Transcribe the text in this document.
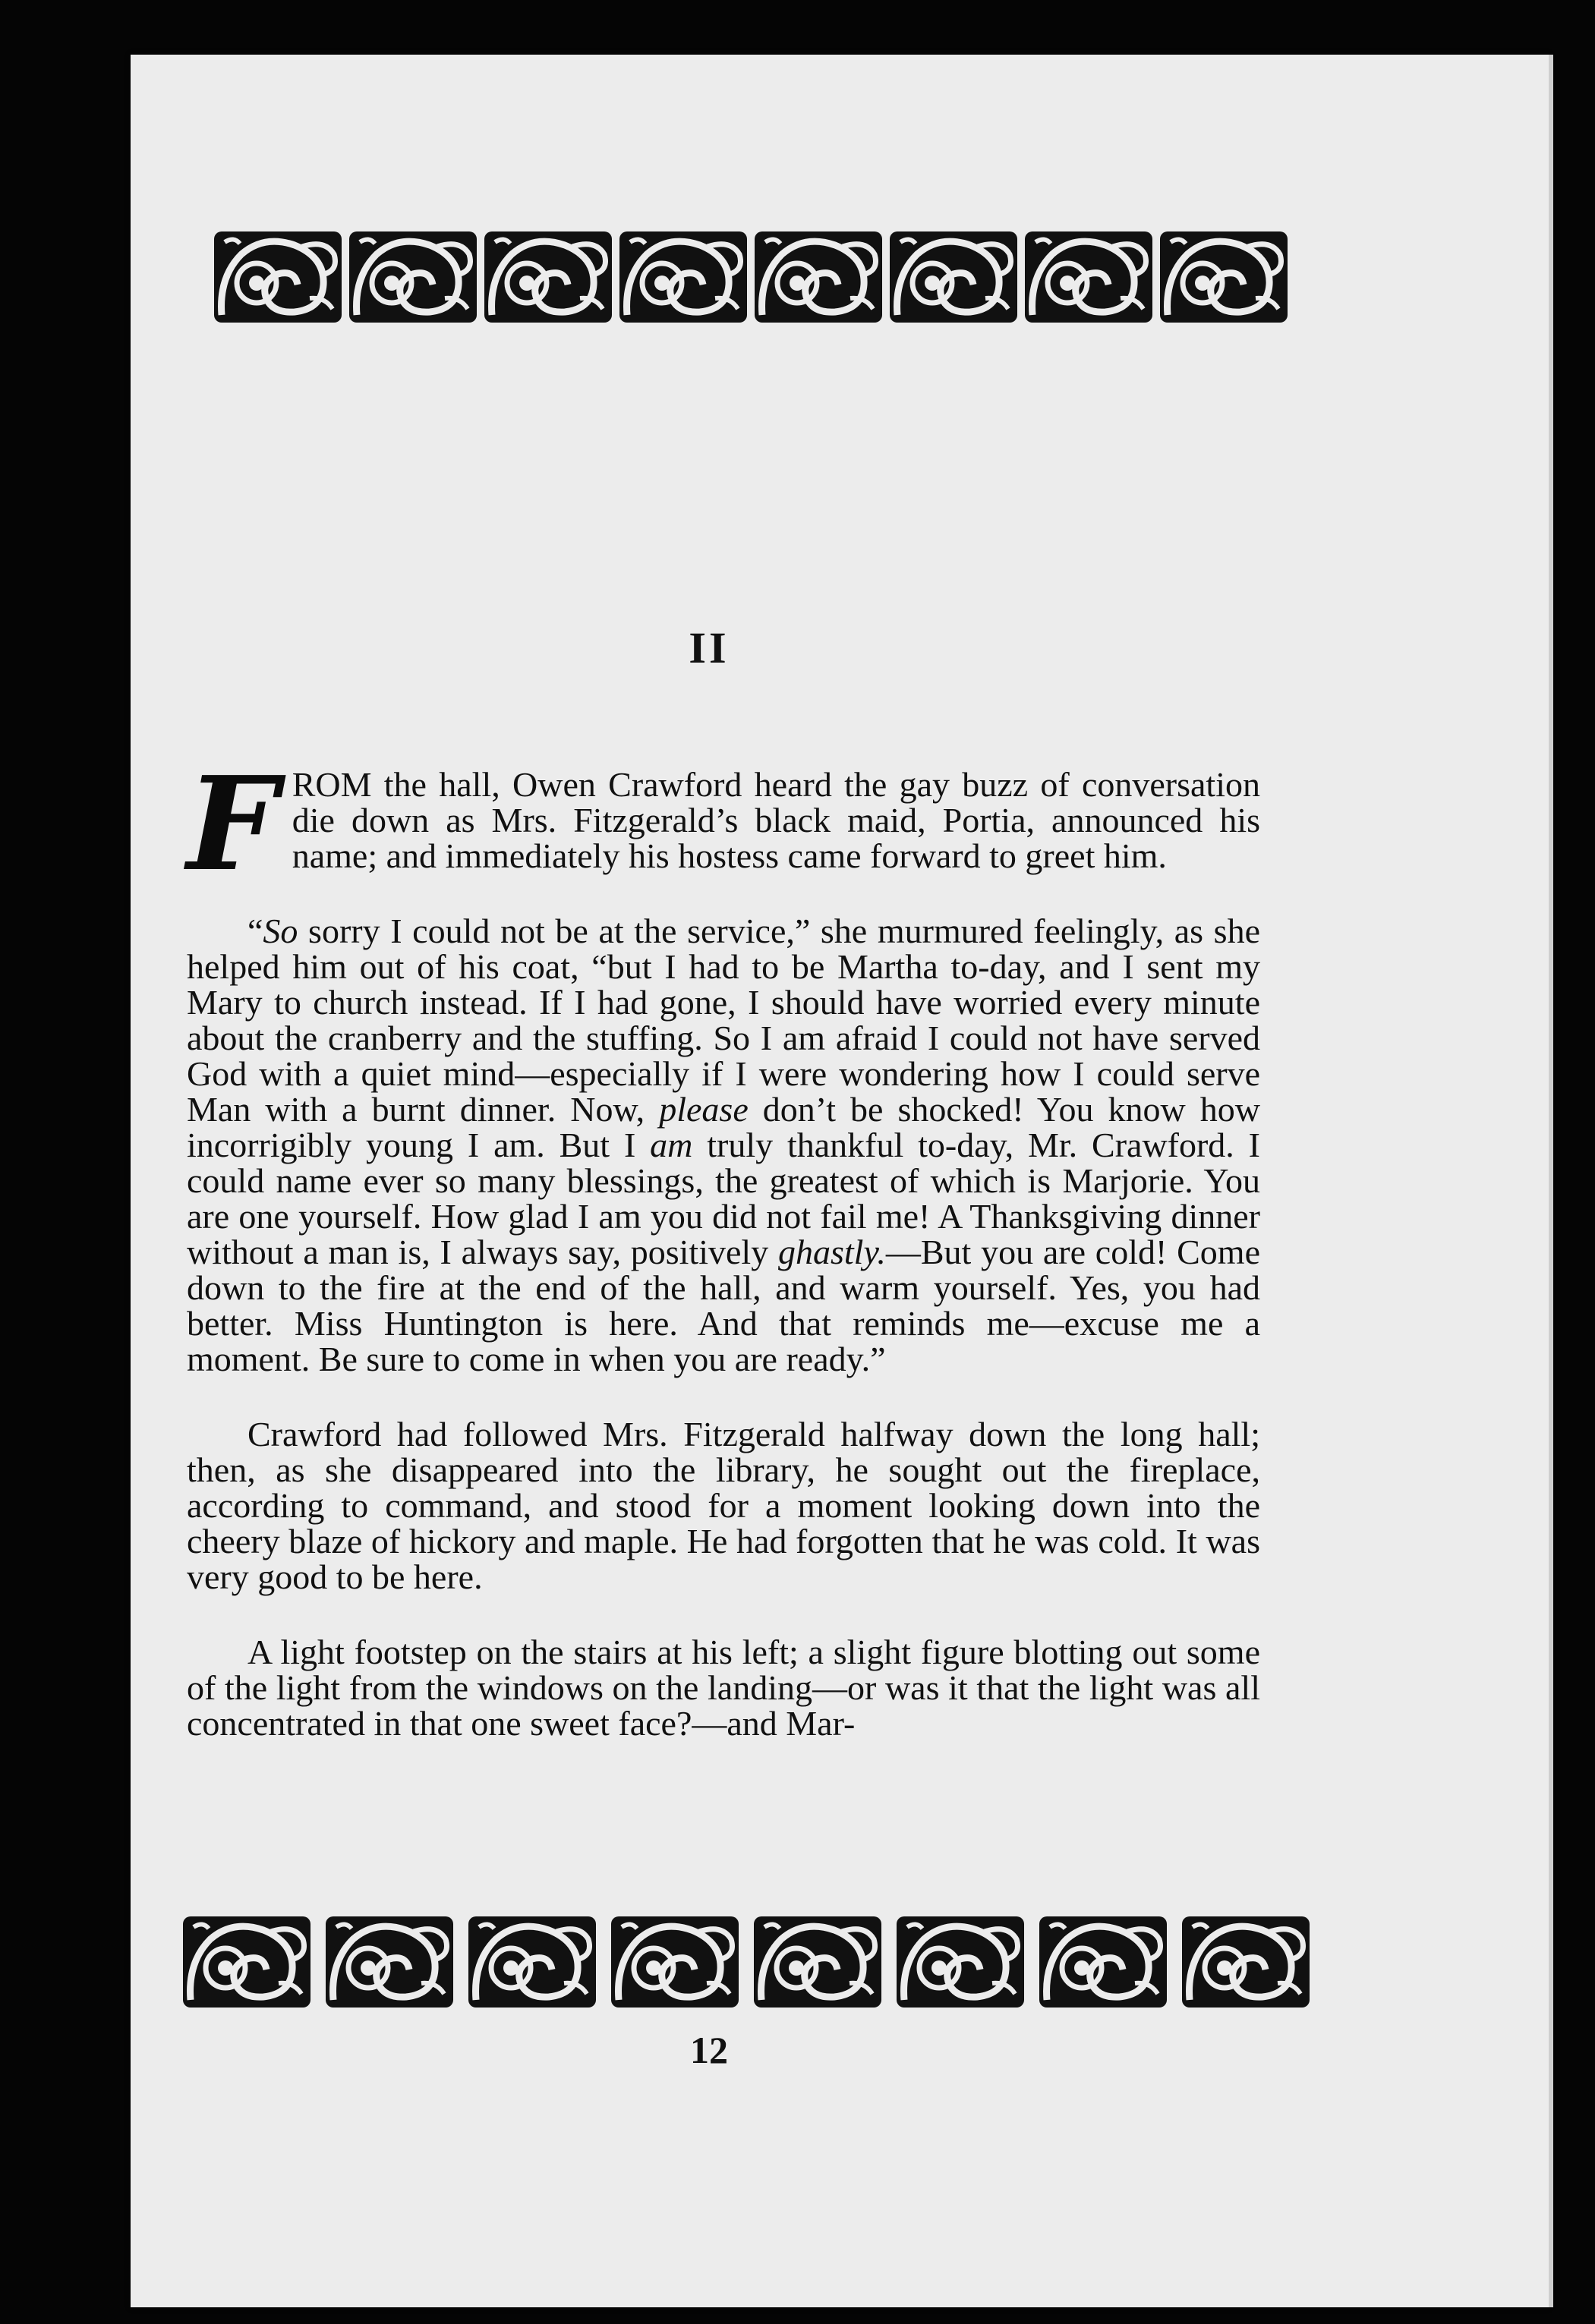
II

FROM the hall, Owen Crawford heard the gay buzz of conversation die down as Mrs. Fitzgerald’s black maid, Portia, announced his name; and immediately his hostess came forward to greet him.

“So sorry I could not be at the service,” she murmured feelingly, as she helped him out of his coat, “but I had to be Martha to-day, and I sent my Mary to church instead. If I had gone, I should have worried every minute about the cranberry and the stuffing. So I am afraid I could not have served God with a quiet mind—especially if I were wondering how I could serve Man with a burnt dinner. Now, please don’t be shocked! You know how incorrigibly young I am. But I am truly thankful to-day, Mr. Crawford. I could name ever so many blessings, the greatest of which is Marjorie. You are one yourself. How glad I am you did not fail me! A Thanksgiving dinner without a man is, I always say, positively ghastly.—But you are cold! Come down to the fire at the end of the hall, and warm yourself. Yes, you had better. Miss Huntington is here. And that reminds me—excuse me a moment. Be sure to come in when you are ready.”

Crawford had followed Mrs. Fitzgerald halfway down the long hall; then, as she disappeared into the library, he sought out the fireplace, according to command, and stood for a moment looking down into the cheery blaze of hickory and maple. He had forgotten that he was cold. It was very good to be here.

A light footstep on the stairs at his left; a slight figure blotting out some of the light from the windows on the landing—or was it that the light was all concentrated in that one sweet face?—and Mar-

12
